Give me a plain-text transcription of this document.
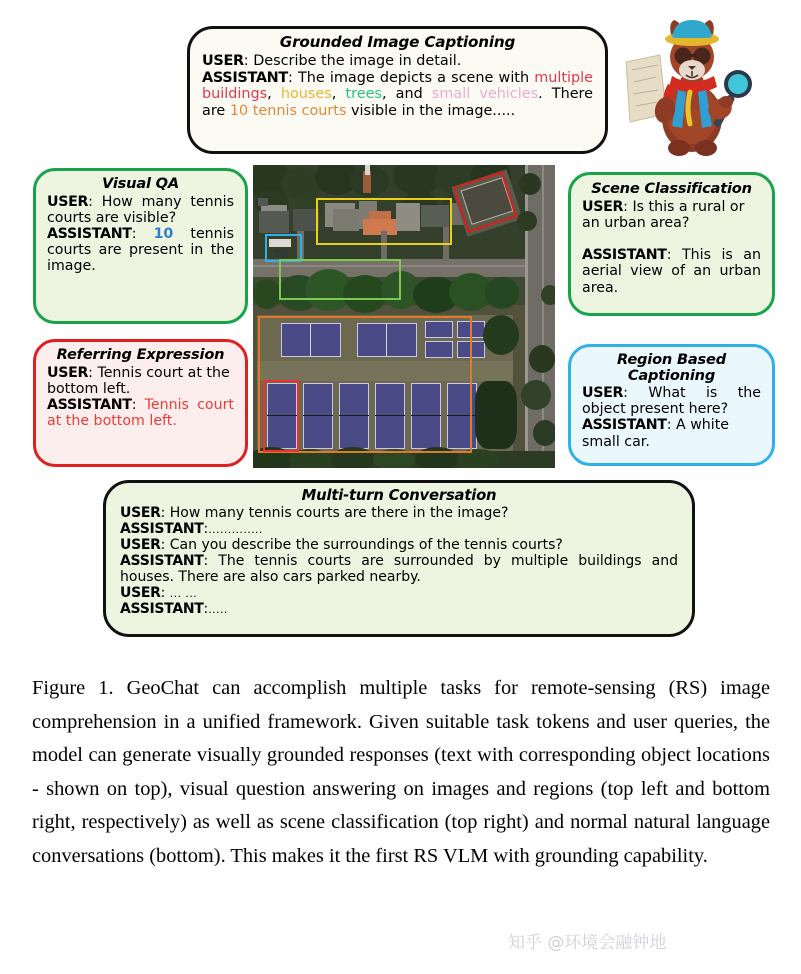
Grounded Image Captioning
USER: Describe the image in detail.
ASSISTANT: The image depicts a scene with multiple buildings, houses, trees, and small vehicles. There are 10 tennis courts visible in the image.....
Visual QA
USER: How many tennis courts are visible?
ASSISTANT: 10 tennis courts are present in the image.
Referring Expression
USER: Tennis court at the bottom left.
ASSISTANT: Tennis court at the bottom left.
Scene Classification
USER: Is this a rural or an urban area?

ASSISTANT: This is an aerial view of an urban area.
Region Based
Captioning
USER: What is the object present here?
ASSISTANT: A white small car.
Multi-turn Conversation
USER: How many tennis courts are there in the image?
ASSISTANT:..............
USER: Can you describe the surroundings of the tennis courts?
ASSISTANT: The tennis courts are surrounded by multiple buildings and houses. There are also cars parked nearby.
USER: ... ...
ASSISTANT:.....
Figure 1. GeoChat can accomplish multiple tasks for remote-sensing (RS) image comprehension in a unified framework. Given suitable task tokens and user queries, the model can generate visually grounded responses (text with corresponding object locations - shown on top), visual question answering on images and regions (top left and bottom right, respectively) as well as scene classification (top right) and normal natural language conversations (bottom). This makes it the first RS VLM with grounding capability.
知乎 @环境会融钟地
